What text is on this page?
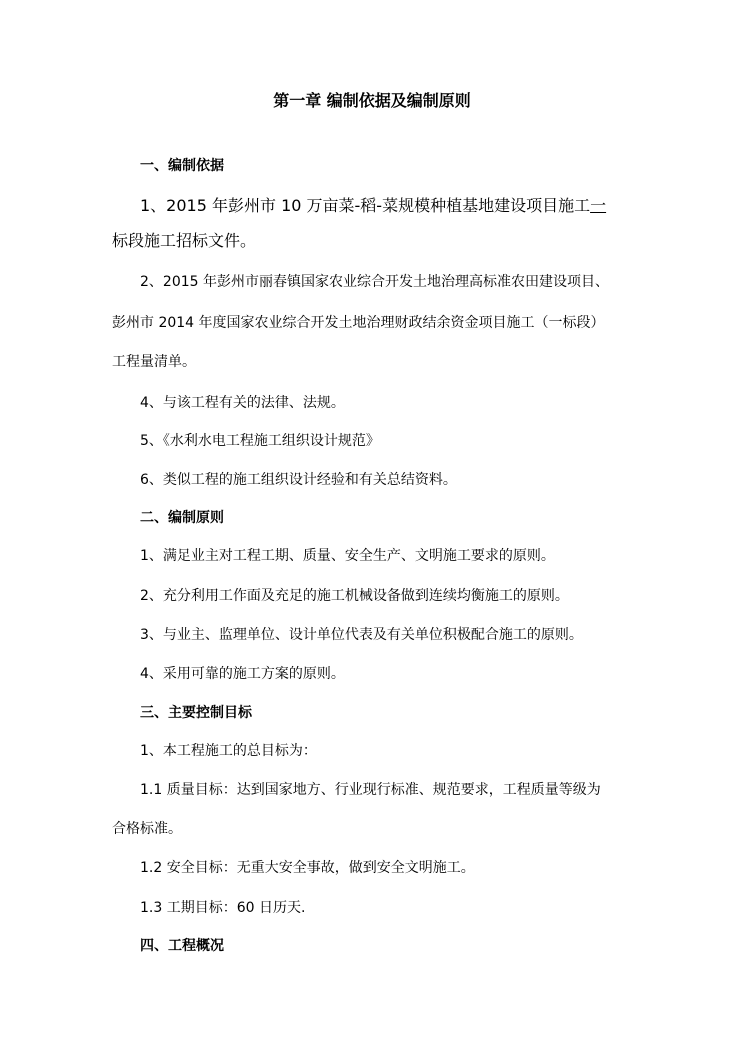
第一章 编制依据及编制原则
一、编制依据
1、2015 年彭州市 10 万亩菜-稻-菜规模种植基地建设项目施工一
标段施工招标文件。
2、2015 年彭州市丽春镇国家农业综合开发土地治理高标准农田建设项目、
彭州市 2014 年度国家农业综合开发土地治理财政结余资金项目施工（一标段）
工程量清单。
4、与该工程有关的法律、法规。
5、《水利水电工程施工组织设计规范》
6、类似工程的施工组织设计经验和有关总结资料。
二、编制原则
1、满足业主对工程工期、质量、安全生产、文明施工要求的原则。
2、充分利用工作面及充足的施工机械设备做到连续均衡施工的原则。
3、与业主、监理单位、设计单位代表及有关单位积极配合施工的原则。
4、采用可靠的施工方案的原则。
三、主要控制目标
1、本工程施工的总目标为：
1.1 质量目标：达到国家地方、行业现行标准、规范要求，工程质量等级为
合格标准。
1.2 安全目标：无重大安全事故，做到安全文明施工。
1.3 工期目标：60 日历天.
四、工程概况
